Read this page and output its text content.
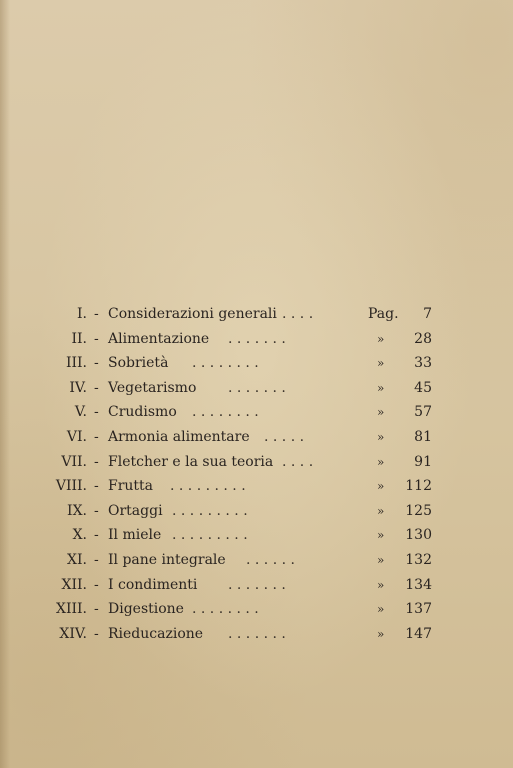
I. - Considerazioni generali . . . .	Pag. 7
II. - Alimentazione . . . . . . .	» 28
III. - Sobrietà . . . . . . . .	» 33
IV. - Vegetarismo . . . . . . .	» 45
V. - Crudismo . . . . . . . .	» 57
VI. - Armonia alimentare . . . . .	» 81
VII. - Fletcher e la sua teoria . . . .	» 91
VIII. - Frutta . . . . . . . . .	» 112
IX. - Ortaggi . . . . . . . . .	» 125
X. - Il miele . . . . . . . . .	» 130
XI. - Il pane integrale . . . . . .	» 132
XII. - I condimenti . . . . . . .	» 134
XIII. - Digestione . . . . . . . .	» 137
XIV. - Rieducazione . . . . . . .	» 147
